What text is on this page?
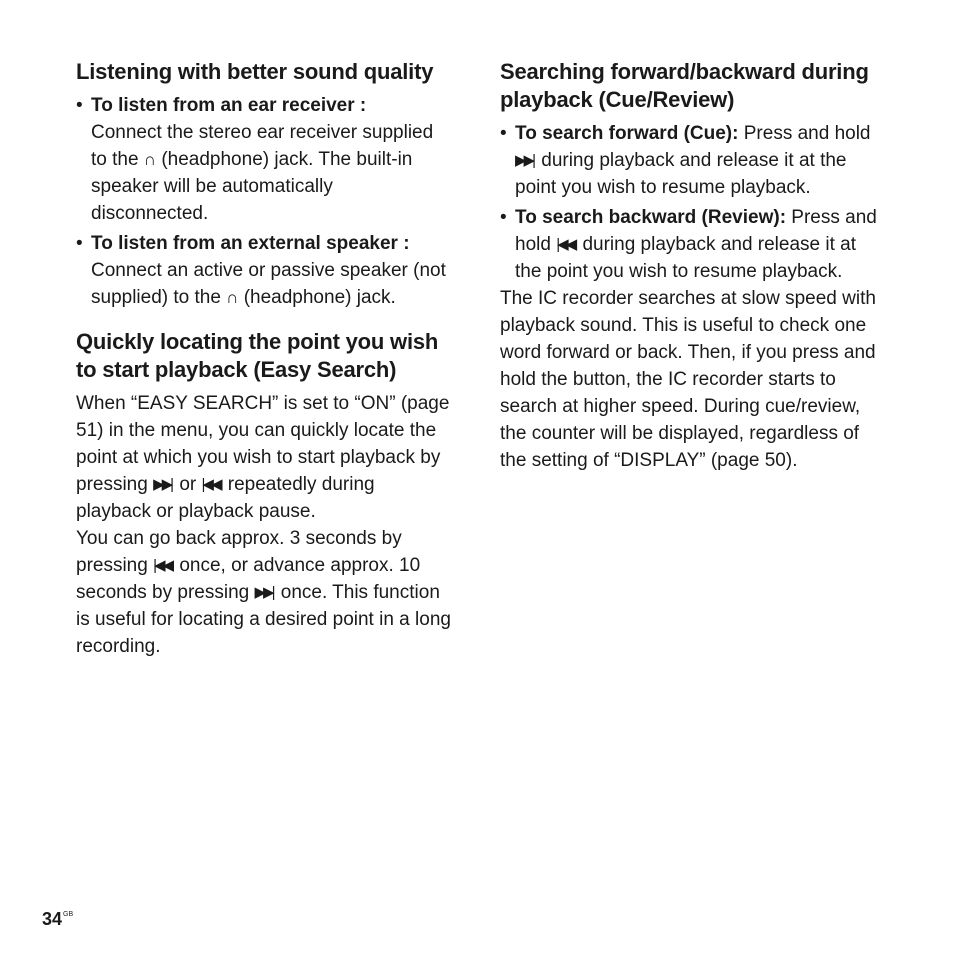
Listening with better sound quality
• To listen from an ear receiver :
Connect the stereo ear receiver supplied to the ∩ (headphone) jack. The built-in speaker will be automatically disconnected.
• To listen from an external speaker :
Connect an active or passive speaker (not supplied) to the ∩ (headphone) jack.
Quickly locating the point you wish to start playback (Easy Search)

When “EASY SEARCH” is set to “ON” (page 51) in the menu, you can quickly locate the point at which you wish to start playback by pressing ▶▶| or |◀◀ repeatedly during playback or playback pause.

You can go back approx. 3 seconds by pressing |◀◀ once, or advance approx. 10 seconds by pressing ▶▶| once. This function is useful for locating a desired point in a long recording.

Searching forward/backward during playback (Cue/Review)
• To search forward (Cue): Press and hold ▶▶| during playback and release it at the point you wish to resume playback.
• To search backward (Review): Press and hold |◀◀ during playback and release it at the point you wish to resume playback.

The IC recorder searches at slow speed with playback sound. This is useful to check one word forward or back. Then, if you press and hold the button, the IC recorder starts to search at higher speed. During cue/review, the counter will be displayed, regardless of the setting of “DISPLAY” (page 50).

$34^{GB}$
